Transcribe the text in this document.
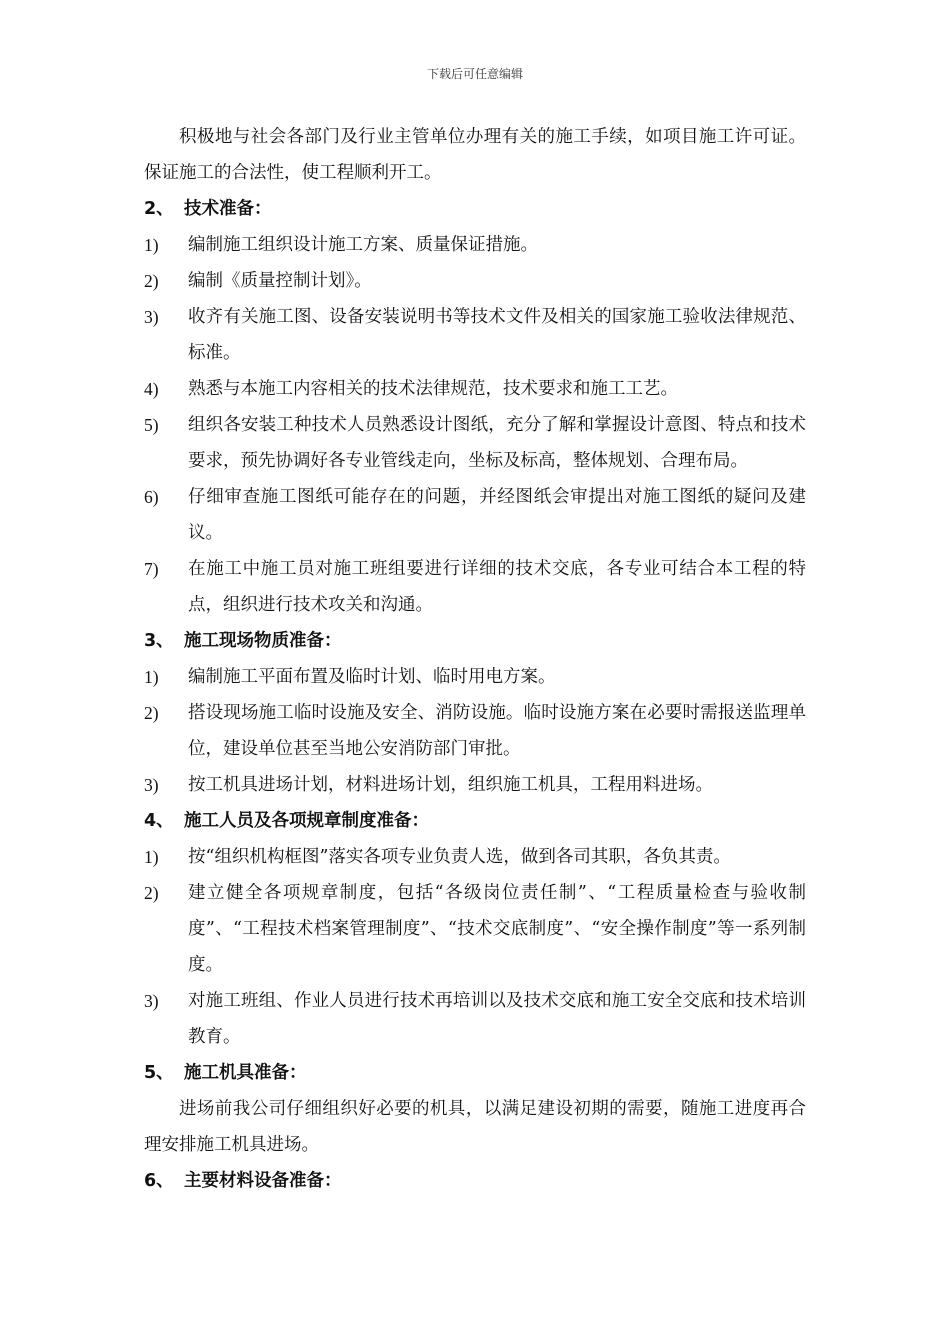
下载后可任意编辑

积极地与社会各部门及行业主管单位办理有关的施工手续，如项目施工许可证。保证施工的合法性，使工程顺利开工。

2、 技术准备：
1)	编制施工组织设计施工方案、质量保证措施。
2)	编制《质量控制计划》。
3)	收齐有关施工图、设备安装说明书等技术文件及相关的国家施工验收法律规范、标准。
4)	熟悉与本施工内容相关的技术法律规范，技术要求和施工工艺。
5)	组织各安装工种技术人员熟悉设计图纸，充分了解和掌握设计意图、特点和技术要求，预先协调好各专业管线走向，坐标及标高，整体规划、合理布局。
6)	仔细审查施工图纸可能存在的问题，并经图纸会审提出对施工图纸的疑问及建议。
7)	在施工中施工员对施工班组要进行详细的技术交底，各专业可结合本工程的特点，组织进行技术攻关和沟通。
3、 施工现场物质准备：
1)	编制施工平面布置及临时计划、临时用电方案。
2)	搭设现场施工临时设施及安全、消防设施。临时设施方案在必要时需报送监理单位，建设单位甚至当地公安消防部门审批。
3)	按工机具进场计划，材料进场计划，组织施工机具，工程用料进场。
4、 施工人员及各项规章制度准备：
1)	按“组织机构框图”落实各项专业负责人选，做到各司其职，各负其责。
2)	建立健全各项规章制度，包括“各级岗位责任制”、“工程质量检查与验收制度”、“工程技术档案管理制度”、“技术交底制度”、“安全操作制度”等一系列制度。
3)	对施工班组、作业人员进行技术再培训以及技术交底和施工安全交底和技术培训教育。
5、 施工机具准备：

进场前我公司仔细组织好必要的机具，以满足建设初期的需要，随施工进度再合理安排施工机具进场。

6、 主要材料设备准备：
